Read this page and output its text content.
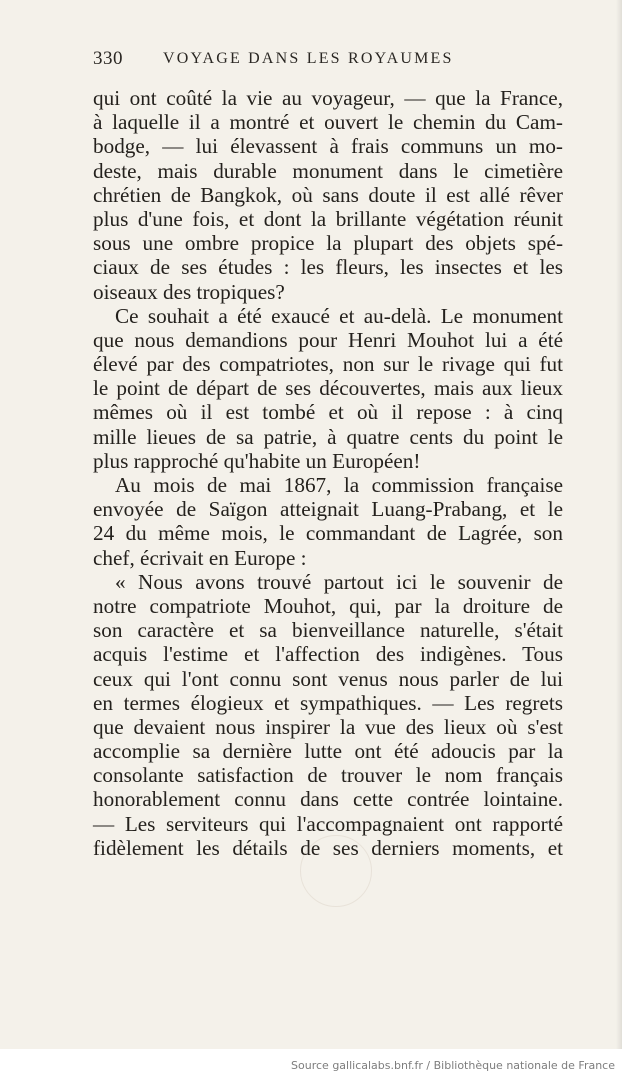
330	VOYAGE DANS LES ROYAUMES
qui ont coûté la vie au voyageur, — que la France,
à laquelle il a montré et ouvert le chemin du Cam-
bodge, — lui élevassent à frais communs un mo-
deste, mais durable monument dans le cimetière
chrétien de Bangkok, où sans doute il est allé rêver
plus d'une fois, et dont la brillante végétation réunit
sous une ombre propice la plupart des objets spé-
ciaux de ses études : les fleurs, les insectes et les
oiseaux des tropiques?
Ce souhait a été exaucé et au-delà. Le monument
que nous demandions pour Henri Mouhot lui a été
élevé par des compatriotes, non sur le rivage qui fut
le point de départ de ses découvertes, mais aux lieux
mêmes où il est tombé et où il repose : à cinq
mille lieues de sa patrie, à quatre cents du point le
plus rapproché qu'habite un Européen!
Au mois de mai 1867, la commission française
envoyée de Saïgon atteignait Luang-Prabang, et le
24 du même mois, le commandant de Lagrée, son
chef, écrivait en Europe :
« Nous avons trouvé partout ici le souvenir de
notre compatriote Mouhot, qui, par la droiture de
son caractère et sa bienveillance naturelle, s'était
acquis l'estime et l'affection des indigènes. Tous
ceux qui l'ont connu sont venus nous parler de lui
en termes élogieux et sympathiques. — Les regrets
que devaient nous inspirer la vue des lieux où s'est
accomplie sa dernière lutte ont été adoucis par la
consolante satisfaction de trouver le nom français
honorablement connu dans cette contrée lointaine.
— Les serviteurs qui l'accompagnaient ont rapporté
fidèlement les détails de ses derniers moments, et
Source gallicalabs.bnf.fr / Bibliothèque nationale de France
